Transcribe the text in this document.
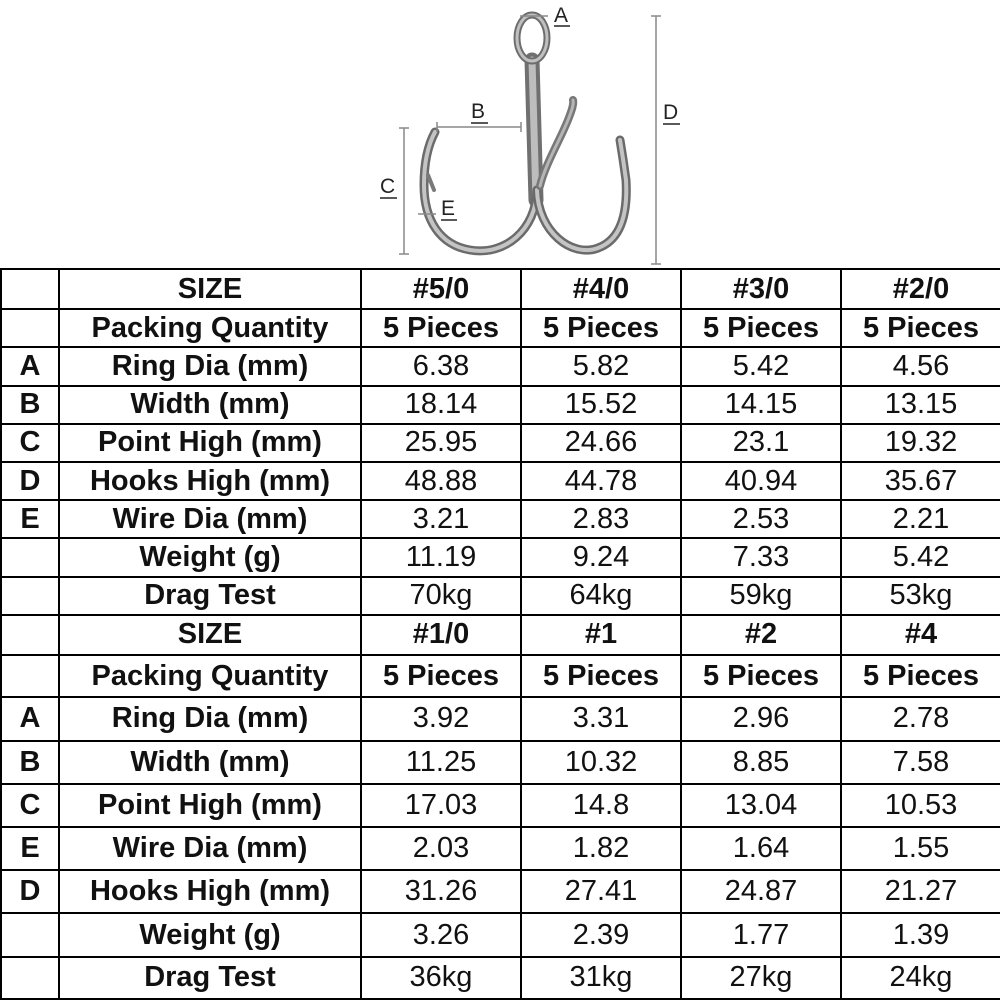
A
B
C
D
E
	SIZE	#5/0	#4/0	#3/0	#2/0
	Packing Quantity	5 Pieces	5 Pieces	5 Pieces	5 Pieces
A	Ring Dia (mm)	6.38	5.82	5.42	4.56
B	Width (mm)	18.14	15.52	14.15	13.15
C	Point High (mm)	25.95	24.66	23.1	19.32
D	Hooks High (mm)	48.88	44.78	40.94	35.67
E	Wire Dia (mm)	3.21	2.83	2.53	2.21
	Weight (g)	11.19	9.24	7.33	5.42
	Drag Test	70kg	64kg	59kg	53kg
	SIZE	#1/0	#1	#2	#4
	Packing Quantity	5 Pieces	5 Pieces	5 Pieces	5 Pieces
A	Ring Dia (mm)	3.92	3.31	2.96	2.78
B	Width (mm)	11.25	10.32	8.85	7.58
C	Point High (mm)	17.03	14.8	13.04	10.53
E	Wire Dia (mm)	2.03	1.82	1.64	1.55
D	Hooks High (mm)	31.26	27.41	24.87	21.27
	Weight (g)	3.26	2.39	1.77	1.39
	Drag Test	36kg	31kg	27kg	24kg
